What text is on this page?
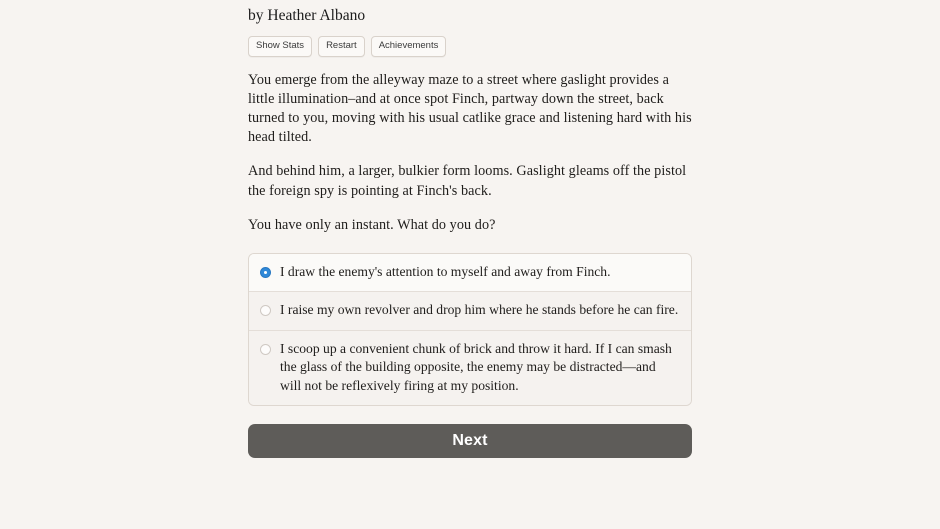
by Heather Albano

Show Stats	Restart	Achievements

You emerge from the alleyway maze to a street where gaslight provides a little illumination–and at once spot Finch, partway down the street, back turned to you, moving with his usual catlike grace and listening hard with his head tilted.

And behind him, a larger, bulkier form looms. Gaslight gleams off the pistol the foreign spy is pointing at Finch's back.

You have only an instant. What do you do?

I draw the enemy's attention to myself and away from Finch.
I raise my own revolver and drop him where he stands before he can fire.
I scoop up a convenient chunk of brick and throw it hard. If I can smash the glass of the building opposite, the enemy may be distracted—and will not be reflexively firing at my position.
Next
